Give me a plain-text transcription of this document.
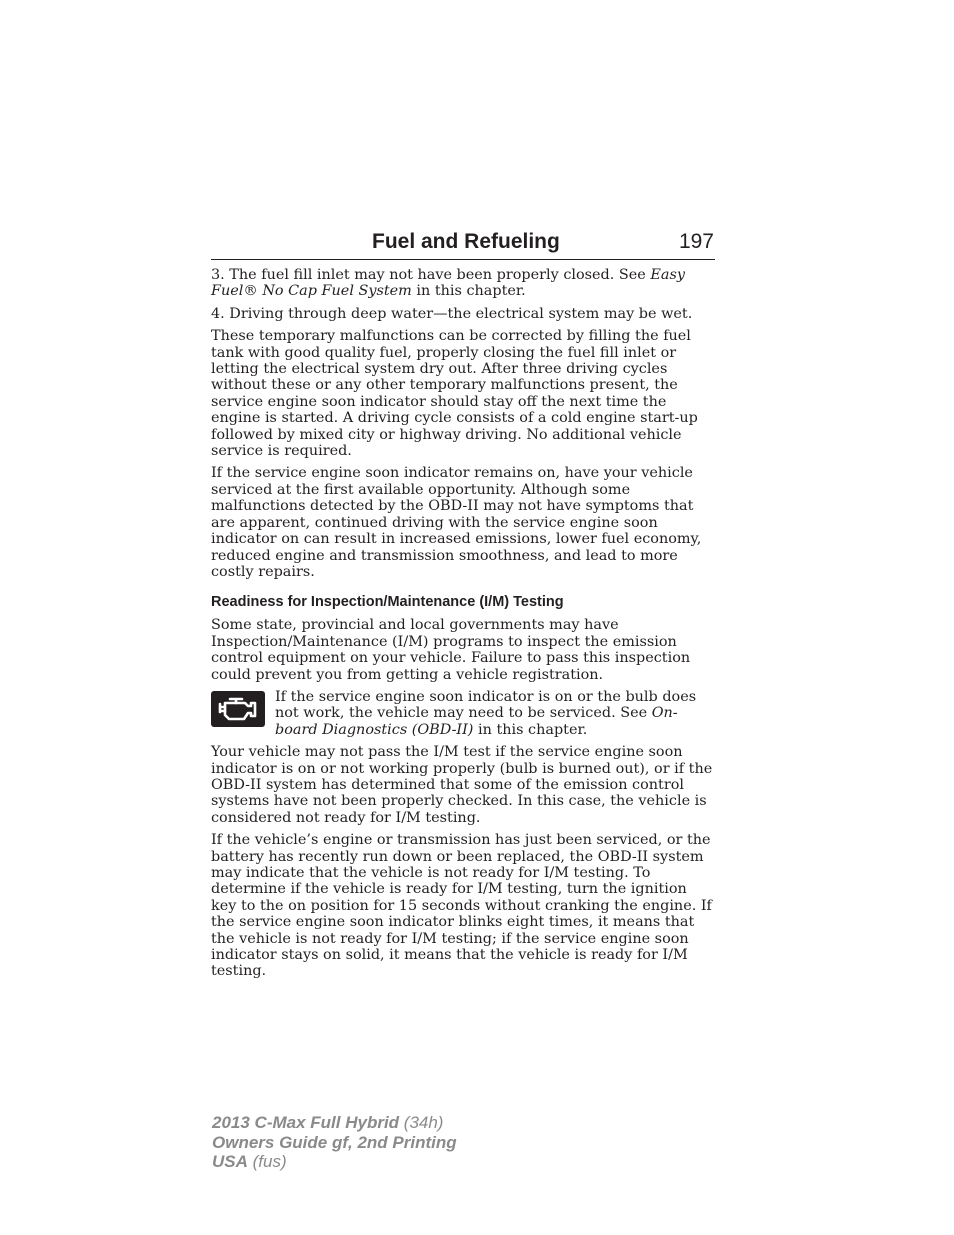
Fuel and Refueling	197

3. The fuel fill inlet may not have been properly closed. See Easy Fuel® No Cap Fuel System in this chapter.

4. Driving through deep water—the electrical system may be wet.

These temporary malfunctions can be corrected by filling the fuel tank with good quality fuel, properly closing the fuel fill inlet or letting the electrical system dry out. After three driving cycles without these or any other temporary malfunctions present, the service engine soon indicator should stay off the next time the engine is started. A driving cycle consists of a cold engine start-up followed by mixed city or highway driving. No additional vehicle service is required.

If the service engine soon indicator remains on, have your vehicle serviced at the first available opportunity. Although some malfunctions detected by the OBD-II may not have symptoms that are apparent, continued driving with the service engine soon indicator on can result in increased emissions, lower fuel economy, reduced engine and transmission smoothness, and lead to more costly repairs.

Readiness for Inspection/Maintenance (I/M) Testing

Some state, provincial and local governments may have Inspection/Maintenance (I/M) programs to inspect the emission control equipment on your vehicle. Failure to pass this inspection could prevent you from getting a vehicle registration.

If the service engine soon indicator is on or the bulb does not work, the vehicle may need to be serviced. See On-board Diagnostics (OBD-II) in this chapter.

Your vehicle may not pass the I/M test if the service engine soon indicator is on or not working properly (bulb is burned out), or if the OBD-II system has determined that some of the emission control systems have not been properly checked. In this case, the vehicle is considered not ready for I/M testing.

If the vehicle’s engine or transmission has just been serviced, or the battery has recently run down or been replaced, the OBD-II system may indicate that the vehicle is not ready for I/M testing. To determine if the vehicle is ready for I/M testing, turn the ignition key to the on position for 15 seconds without cranking the engine. If the service engine soon indicator blinks eight times, it means that the vehicle is not ready for I/M testing; if the service engine soon indicator stays on solid, it means that the vehicle is ready for I/M testing.

2013 C-Max Full Hybrid (34h)
Owners Guide gf, 2nd Printing
USA (fus)
